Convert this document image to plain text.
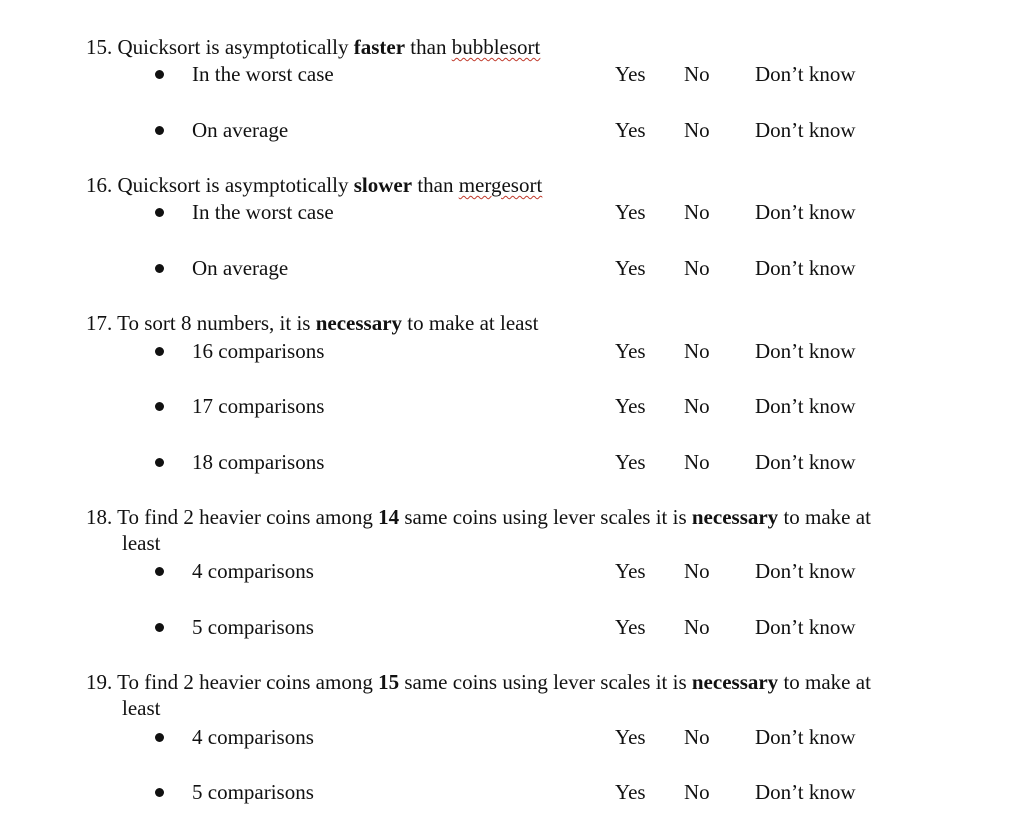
15. Quicksort is asymptotically faster than bubblesort
In the worst case	Yes No Don’t know
On average	Yes No Don’t know
16. Quicksort is asymptotically slower than mergesort
In the worst case	Yes No Don’t know
On average	Yes No Don’t know
17. To sort 8 numbers, it is necessary to make at least
16 comparisons	Yes No Don’t know
17 comparisons	Yes No Don’t know
18 comparisons	Yes No Don’t know
18. To find 2 heavier coins among 14 same coins using lever scales it is necessary to make at
least
4 comparisons	Yes No Don’t know
5 comparisons	Yes No Don’t know
19. To find 2 heavier coins among 15 same coins using lever scales it is necessary to make at
least
4 comparisons	Yes No Don’t know
5 comparisons	Yes No Don’t know
